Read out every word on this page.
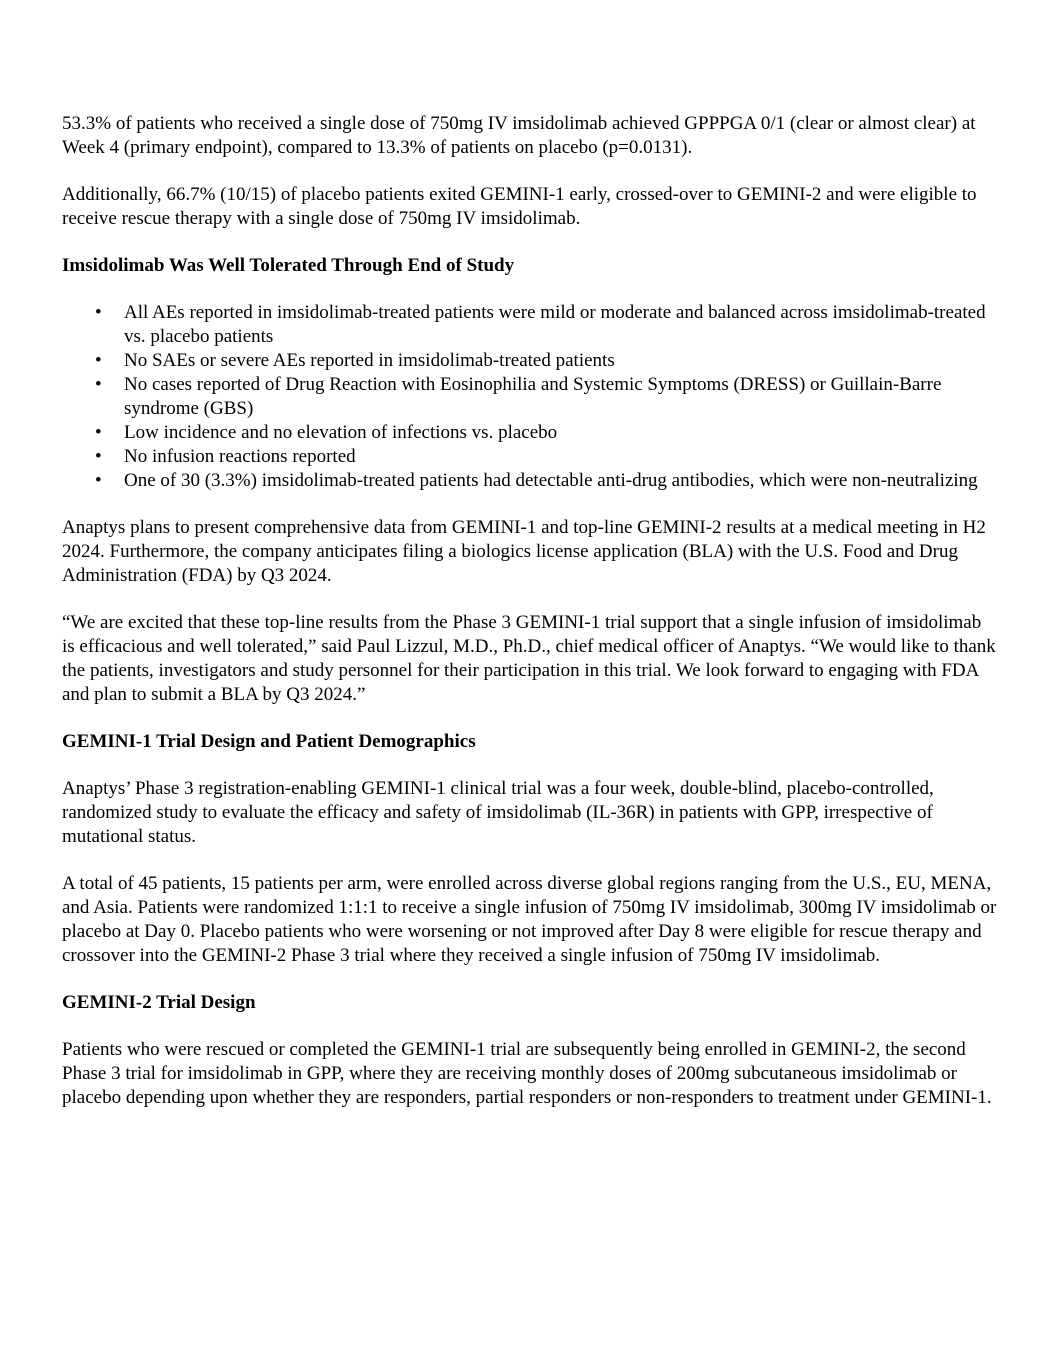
53.3% of patients who received a single dose of 750mg IV imsidolimab achieved GPPPGA 0/1 (clear or almost clear) at Week 4 (primary endpoint), compared to 13.3% of patients on placebo (p=0.0131).

Additionally, 66.7% (10/15) of placebo patients exited GEMINI-1 early, crossed-over to GEMINI-2 and were eligible to receive rescue therapy with a single dose of 750mg IV imsidolimab.

Imsidolimab Was Well Tolerated Through End of Study

• All AEs reported in imsidolimab-treated patients were mild or moderate and balanced across imsidolimab-treated vs. placebo patients
• No SAEs or severe AEs reported in imsidolimab-treated patients
• No cases reported of Drug Reaction with Eosinophilia and Systemic Symptoms (DRESS) or Guillain-Barre syndrome (GBS)
• Low incidence and no elevation of infections vs. placebo
• No infusion reactions reported
• One of 30 (3.3%) imsidolimab-treated patients had detectable anti-drug antibodies, which were non-neutralizing

Anaptys plans to present comprehensive data from GEMINI-1 and top-line GEMINI-2 results at a medical meeting in H2 2024. Furthermore, the company anticipates filing a biologics license application (BLA) with the U.S. Food and Drug Administration (FDA) by Q3 2024.

“We are excited that these top-line results from the Phase 3 GEMINI-1 trial support that a single infusion of imsidolimab is efficacious and well tolerated,” said Paul Lizzul, M.D., Ph.D., chief medical officer of Anaptys. “We would like to thank the patients, investigators and study personnel for their participation in this trial. We look forward to engaging with FDA and plan to submit a BLA by Q3 2024.”

GEMINI-1 Trial Design and Patient Demographics

Anaptys’ Phase 3 registration-enabling GEMINI-1 clinical trial was a four week, double-blind, placebo-controlled, randomized study to evaluate the efficacy and safety of imsidolimab (IL-36R) in patients with GPP, irrespective of mutational status.

A total of 45 patients, 15 patients per arm, were enrolled across diverse global regions ranging from the U.S., EU, MENA, and Asia. Patients were randomized 1:1:1 to receive a single infusion of 750mg IV imsidolimab, 300mg IV imsidolimab or placebo at Day 0. Placebo patients who were worsening or not improved after Day 8 were eligible for rescue therapy and crossover into the GEMINI-2 Phase 3 trial where they received a single infusion of 750mg IV imsidolimab.

GEMINI-2 Trial Design

Patients who were rescued or completed the GEMINI-1 trial are subsequently being enrolled in GEMINI-2, the second Phase 3 trial for imsidolimab in GPP, where they are receiving monthly doses of 200mg subcutaneous imsidolimab or placebo depending upon whether they are responders, partial responders or non-responders to treatment under GEMINI-1.
